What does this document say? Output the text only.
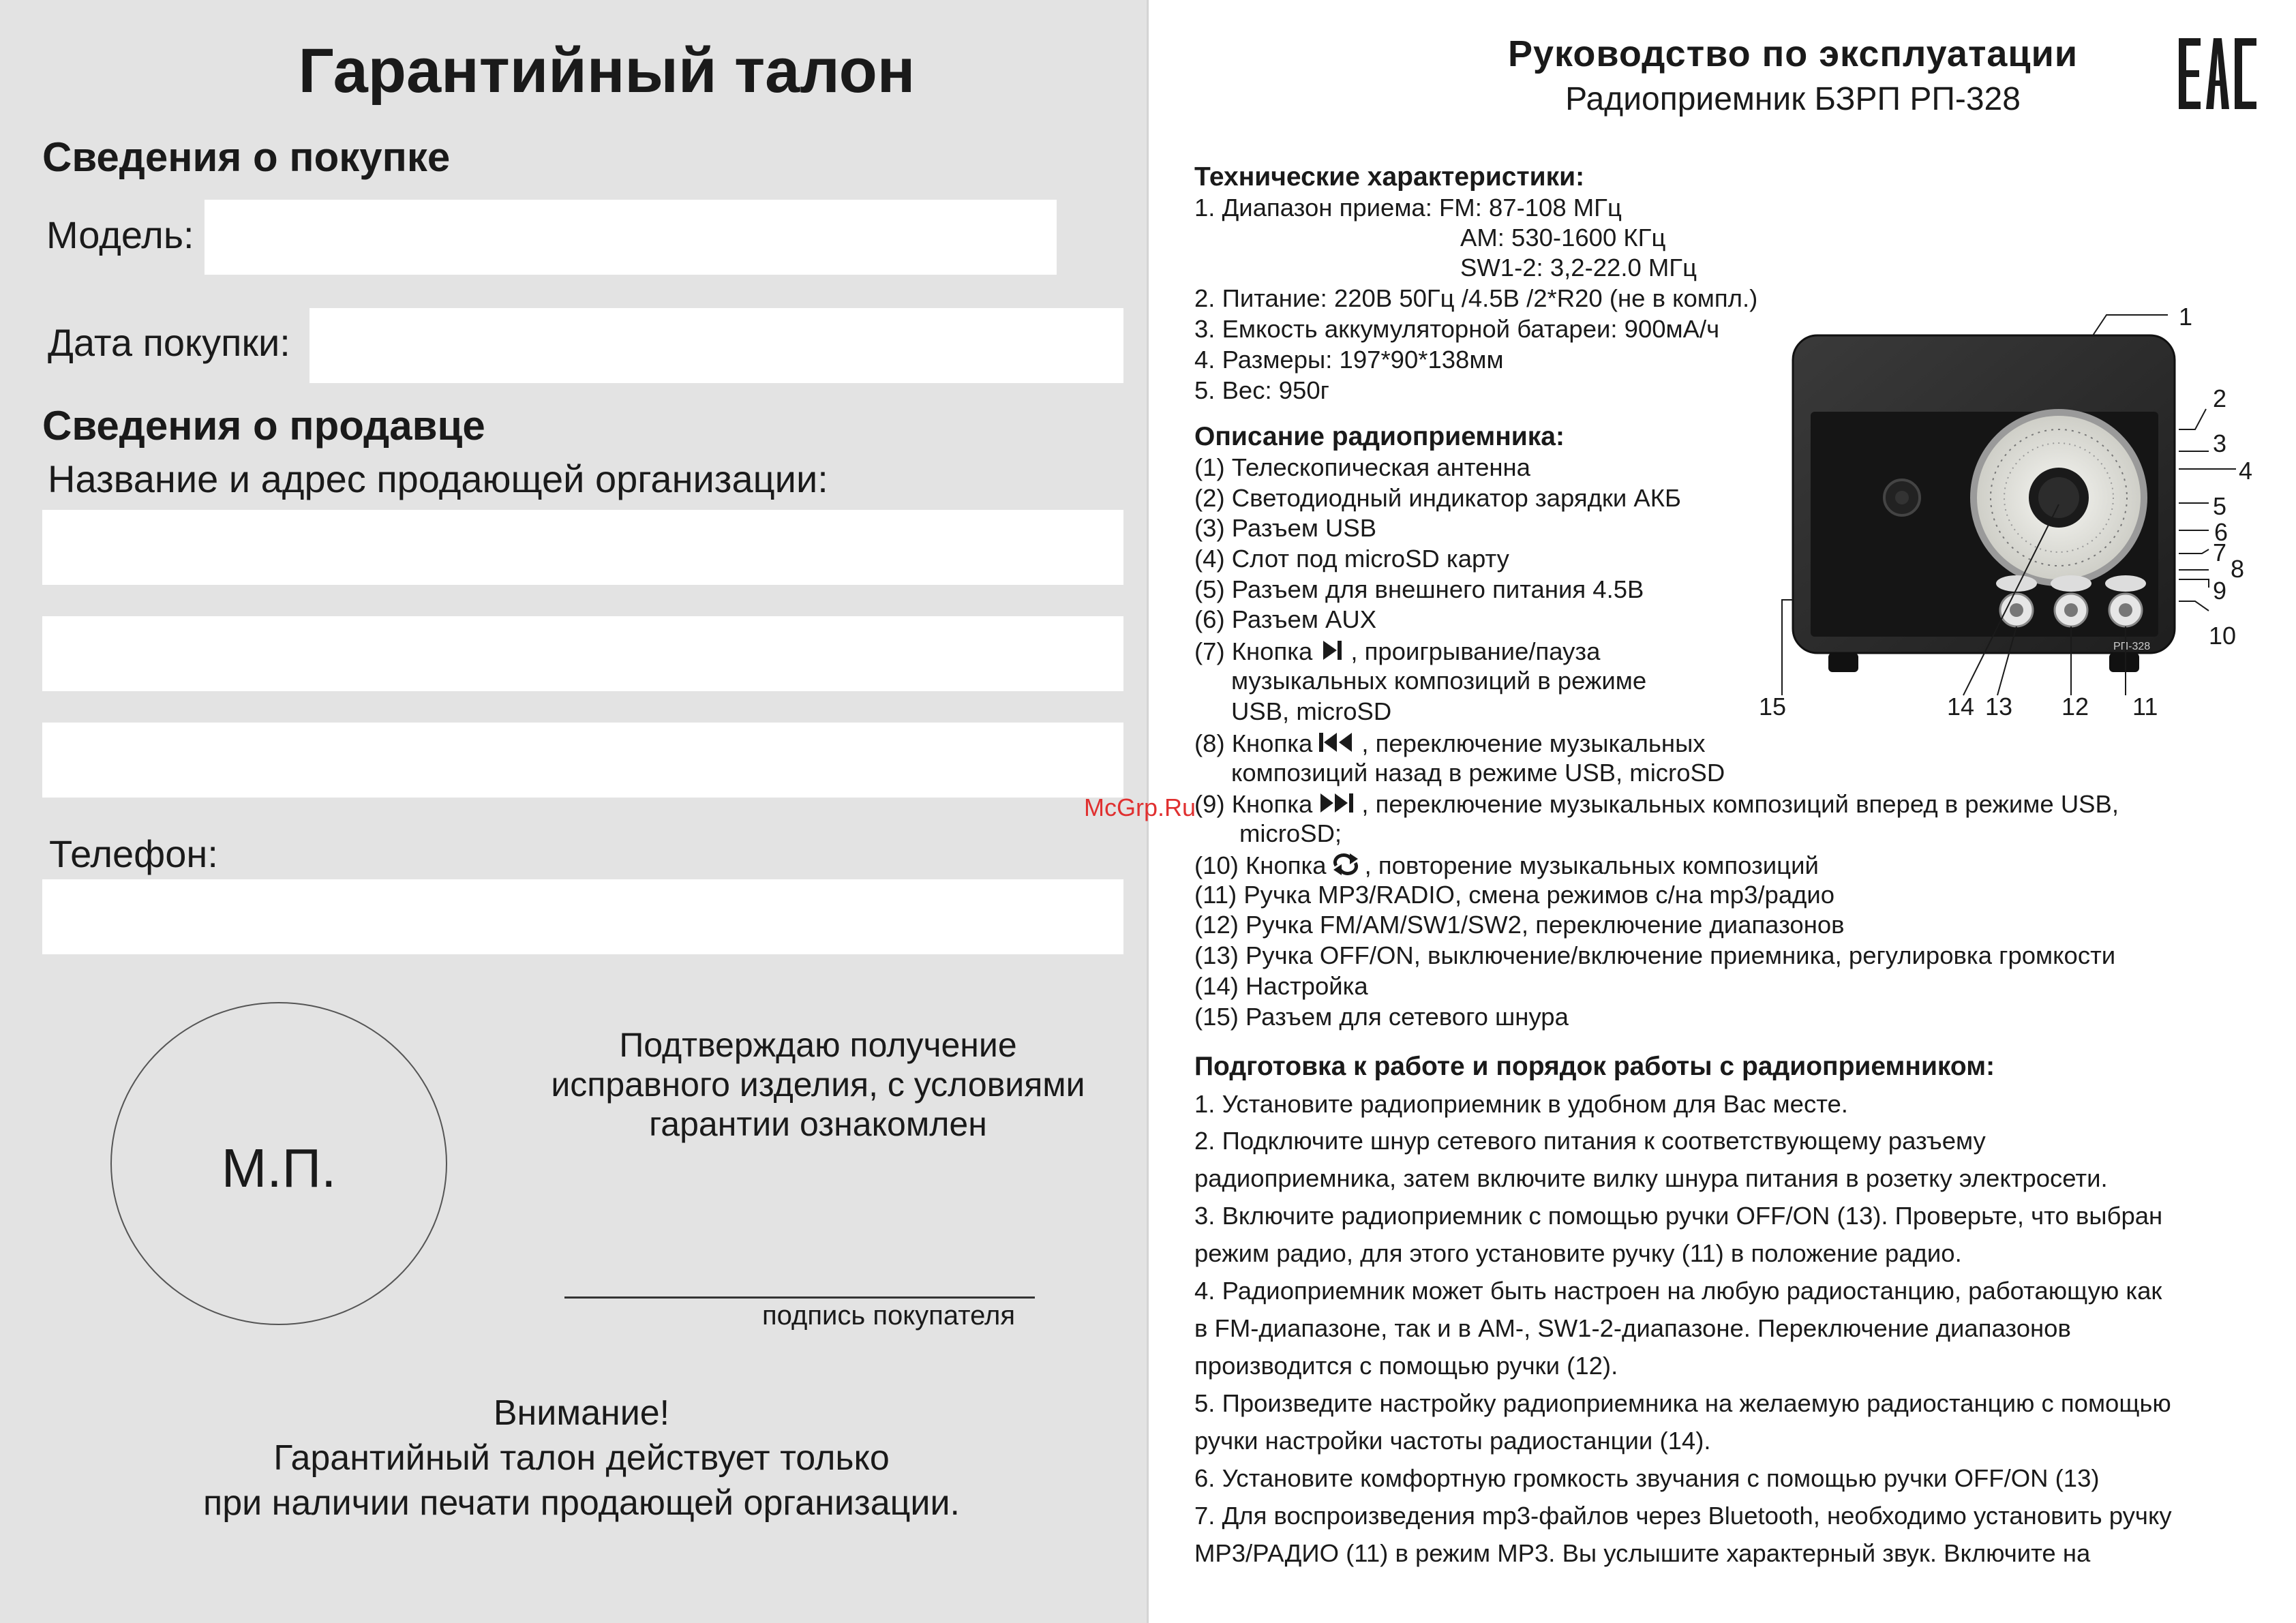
Гарантийный талон
Сведения о покупке
Модель:
Дата покупки:
Сведения о продавце
Название и адрес продающей организации:
Телефон:
М.П.
Подтверждаю получение
исправного изделия, с условиями
гарантии ознакомлен
подпись покупателя
Внимание!
Гарантийный талон действует только
при наличии печати продающей организации.
McGrp.Ru
Руководство по эксплуатации
Радиоприемник БЗРП РП-328
Технические характеристики:
1. Диапазон приема: FM: 87-108 МГц
AM: 530-1600 КГц
SW1-2: 3,2-22.0 МГц
2. Питание: 220В 50Гц /4.5В /2*R20 (не в компл.)
3. Емкость аккумуляторной батареи: 900мА/ч
4. Размеры: 197*90*138мм
5. Вес: 950г
Описание радиоприемника:
(1) Телескопическая антенна
(2) Светодиодный индикатор зарядки АКБ
(3) Разъем USB
(4) Слот под microSD карту
(5) Разъем для внешнего питания 4.5В
(6) Разъем AUX
(7) Кнопка , проигрывание/пауза
музыкальных композиций в режиме
USB, microSD
(8) Кнопка , переключение музыкальных
композиций назад в режиме USB, microSD
(9) Кнопка , переключение музыкальных композиций вперед в режиме USB,
microSD;
(10) Кнопка , повторение музыкальных композиций
(11) Ручка MP3/RADIO, смена режимов с/на mp3/радио
(12) Ручка FM/AM/SW1/SW2, переключение диапазонов
(13) Ручка OFF/ON, выключение/включение приемника, регулировка громкости
(14) Настройка
(15) Разъем для сетевого шнура
Подготовка к работе и порядок работы с радиоприемником:
1. Установите радиоприемник в удобном для Вас месте.
2. Подключите шнур сетевого питания к соответствующему разъему
радиоприемника, затем включите вилку шнура питания в розетку электросети.
3. Включите радиоприемник с помощью ручки OFF/ON (13). Проверьте, что выбран
режим радио, для этого установите ручку (11) в положение радио.
4. Радиоприемник может быть настроен на любую радиостанцию, работающую как
в FM-диапазоне, так и в AM-, SW1-2-диапазоне. Переключение диапазонов
производится с помощью ручки (12).
5. Произведите настройку радиоприемника на желаемую радиостанцию с помощью
ручки настройки частоты радиостанции (14).
6. Установите комфортную громкость звучания с помощью ручки OFF/ON (13)
7. Для воспроизведения mp3-файлов через Bluetooth, необходимо установить ручку
MP3/РАДИО (11) в режим MP3. Вы услышите характерный звук. Включите на
РП-328
1
2
3
4
5
6
7
8
9
10
11
12
13
14
15
